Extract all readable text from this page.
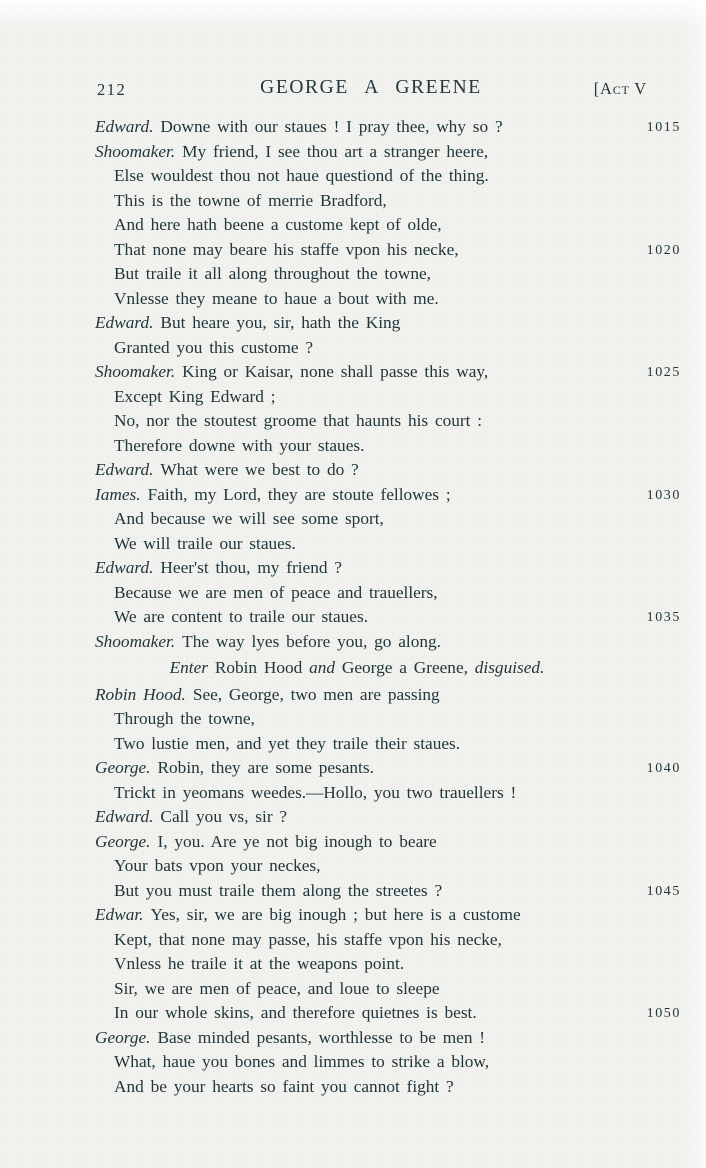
212	GEORGE A GREENE	[Act V
Edward. Downe with our staues ! I pray thee, why so ?	1015
Shoomaker. My friend, I see thou art a stranger heere,
Else wouldest thou not haue questiond of the thing.
This is the towne of merrie Bradford,
And here hath beene a custome kept of olde,
That none may beare his staffe vpon his necke,	1020
But traile it all along throughout the towne,
Vnlesse they meane to haue a bout with me.
Edward. But heare you, sir, hath the King
Granted you this custome ?
Shoomaker. King or Kaisar, none shall passe this way,	1025
Except King Edward ;
No, nor the stoutest groome that haunts his court :
Therefore downe with your staues.
Edward. What were we best to do ?
Iames. Faith, my Lord, they are stoute fellowes ;	1030
And because we will see some sport,
We will traile our staues.
Edward. Heer'st thou, my friend ?
Because we are men of peace and trauellers,
We are content to traile our staues.	1035
Shoomaker. The way lyes before you, go along.
Enter Robin Hood and George a Greene, disguised.
Robin Hood. See, George, two men are passing
Through the towne,
Two lustie men, and yet they traile their staues.
George. Robin, they are some pesants.	1040
Trickt in yeomans weedes.—Hollo, you two trauellers !
Edward. Call you vs, sir ?
George. I, you. Are ye not big inough to beare
Your bats vpon your neckes,
But you must traile them along the streetes ?	1045
Edwar. Yes, sir, we are big inough ; but here is a custome
Kept, that none may passe, his staffe vpon his necke,
Vnless he traile it at the weapons point.
Sir, we are men of peace, and loue to sleepe
In our whole skins, and therefore quietnes is best.	1050
George. Base minded pesants, worthlesse to be men !
What, haue you bones and limmes to strike a blow,
And be your hearts so faint you cannot fight ?
